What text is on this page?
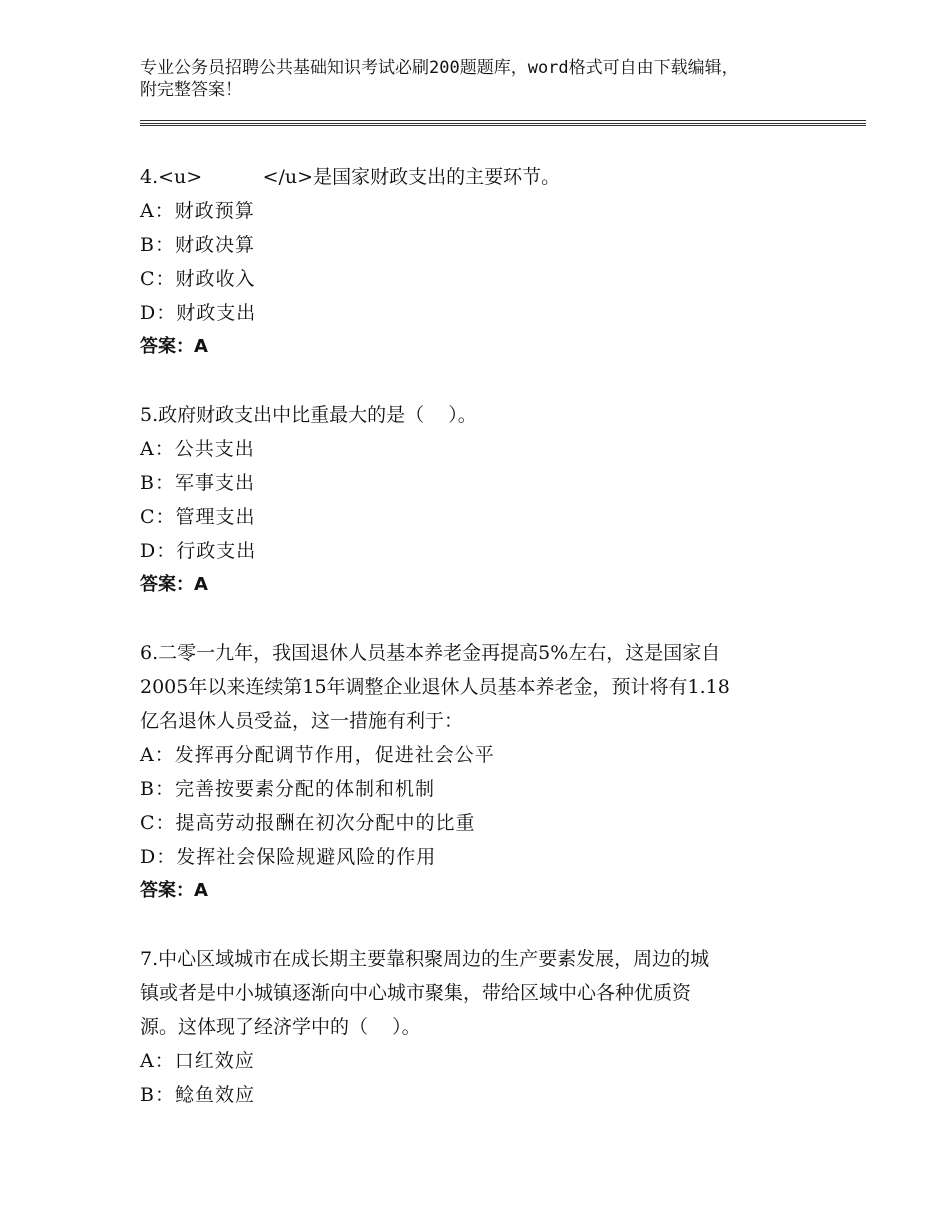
专业公务员招聘公共基础知识考试必刷200题题库，word格式可自由下载编辑，
附完整答案！
4.<u>          </u>是国家财政支出的主要环节。
A：财政预算
B：财政决算
C：财政收入
D：财政支出
答案：A
5.政府财政支出中比重最大的是（    ）。
A：公共支出
B：军事支出
C：管理支出
D：行政支出
答案：A
6.二零一九年，我国退休人员基本养老金再提高5%左右，这是国家自
2005年以来连续第15年调整企业退休人员基本养老金，预计将有1.18
亿名退休人员受益，这一措施有利于：
A：发挥再分配调节作用，促进社会公平
B：完善按要素分配的体制和机制
C：提高劳动报酬在初次分配中的比重
D：发挥社会保险规避风险的作用
答案：A
7.中心区域城市在成长期主要靠积聚周边的生产要素发展，周边的城
镇或者是中小城镇逐渐向中心城市聚集，带给区域中心各种优质资
源。这体现了经济学中的（    ）。
A：口红效应
B：鲶鱼效应
